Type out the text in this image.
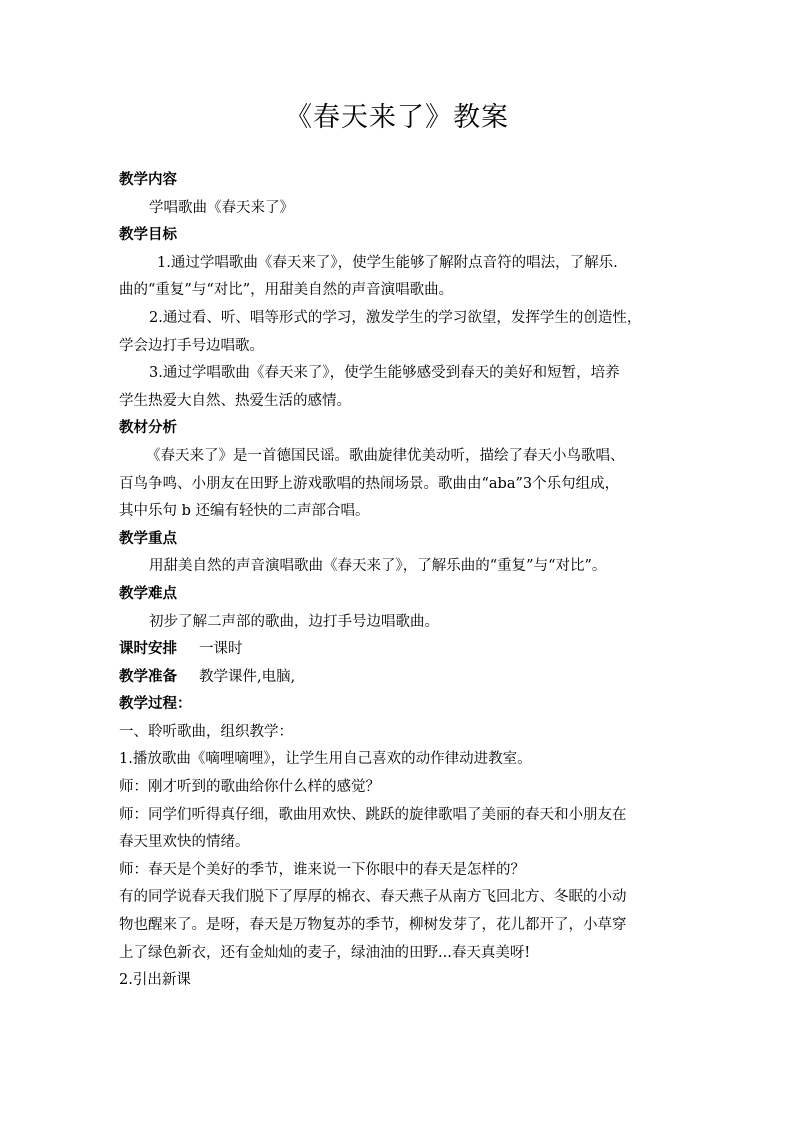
《春天来了》教案
教学内容
学唱歌曲《春天来了》
教学目标
1.通过学唱歌曲《春天来了》，使学生能够了解附点音符的唱法，了解乐.
曲的“重复”与“对比”，用甜美自然的声音演唱歌曲。
2.通过看、听、唱等形式的学习，激发学生的学习欲望，发挥学生的创造性，
学会边打手号边唱歌。
3.通过学唱歌曲《春天来了》，使学生能够感受到春天的美好和短暂，培养
学生热爱大自然、热爱生活的感情。
教材分析
《春天来了》是一首德国民谣。歌曲旋律优美动听，描绘了春天小鸟歌唱、
百鸟争鸣、小朋友在田野上游戏歌唱的热闹场景。歌曲由“aba”3个乐句组成，
其中乐句 b 还编有轻快的二声部合唱。
教学重点
用甜美自然的声音演唱歌曲《春天来了》，了解乐曲的“重复”与“对比”。
教学难点
初步了解二声部的歌曲，边打手号边唱歌曲。
课时安排 一课时
教学准备 教学课件,电脑,
教学过程：
一、聆听歌曲，组织教学：
1.播放歌曲《嘀哩嘀哩》，让学生用自己喜欢的动作律动进教室。
师：刚才听到的歌曲给你什么样的感觉？
师：同学们听得真仔细，歌曲用欢快、跳跃的旋律歌唱了美丽的春天和小朋友在
春天里欢快的情绪。
师：春天是个美好的季节，谁来说一下你眼中的春天是怎样的？
有的同学说春天我们脱下了厚厚的棉衣、春天燕子从南方飞回北方、冬眠的小动
物也醒来了。是呀，春天是万物复苏的季节，柳树发芽了，花儿都开了，小草穿
上了绿色新衣，还有金灿灿的麦子，绿油油的田野...春天真美呀!
2.引出新课
